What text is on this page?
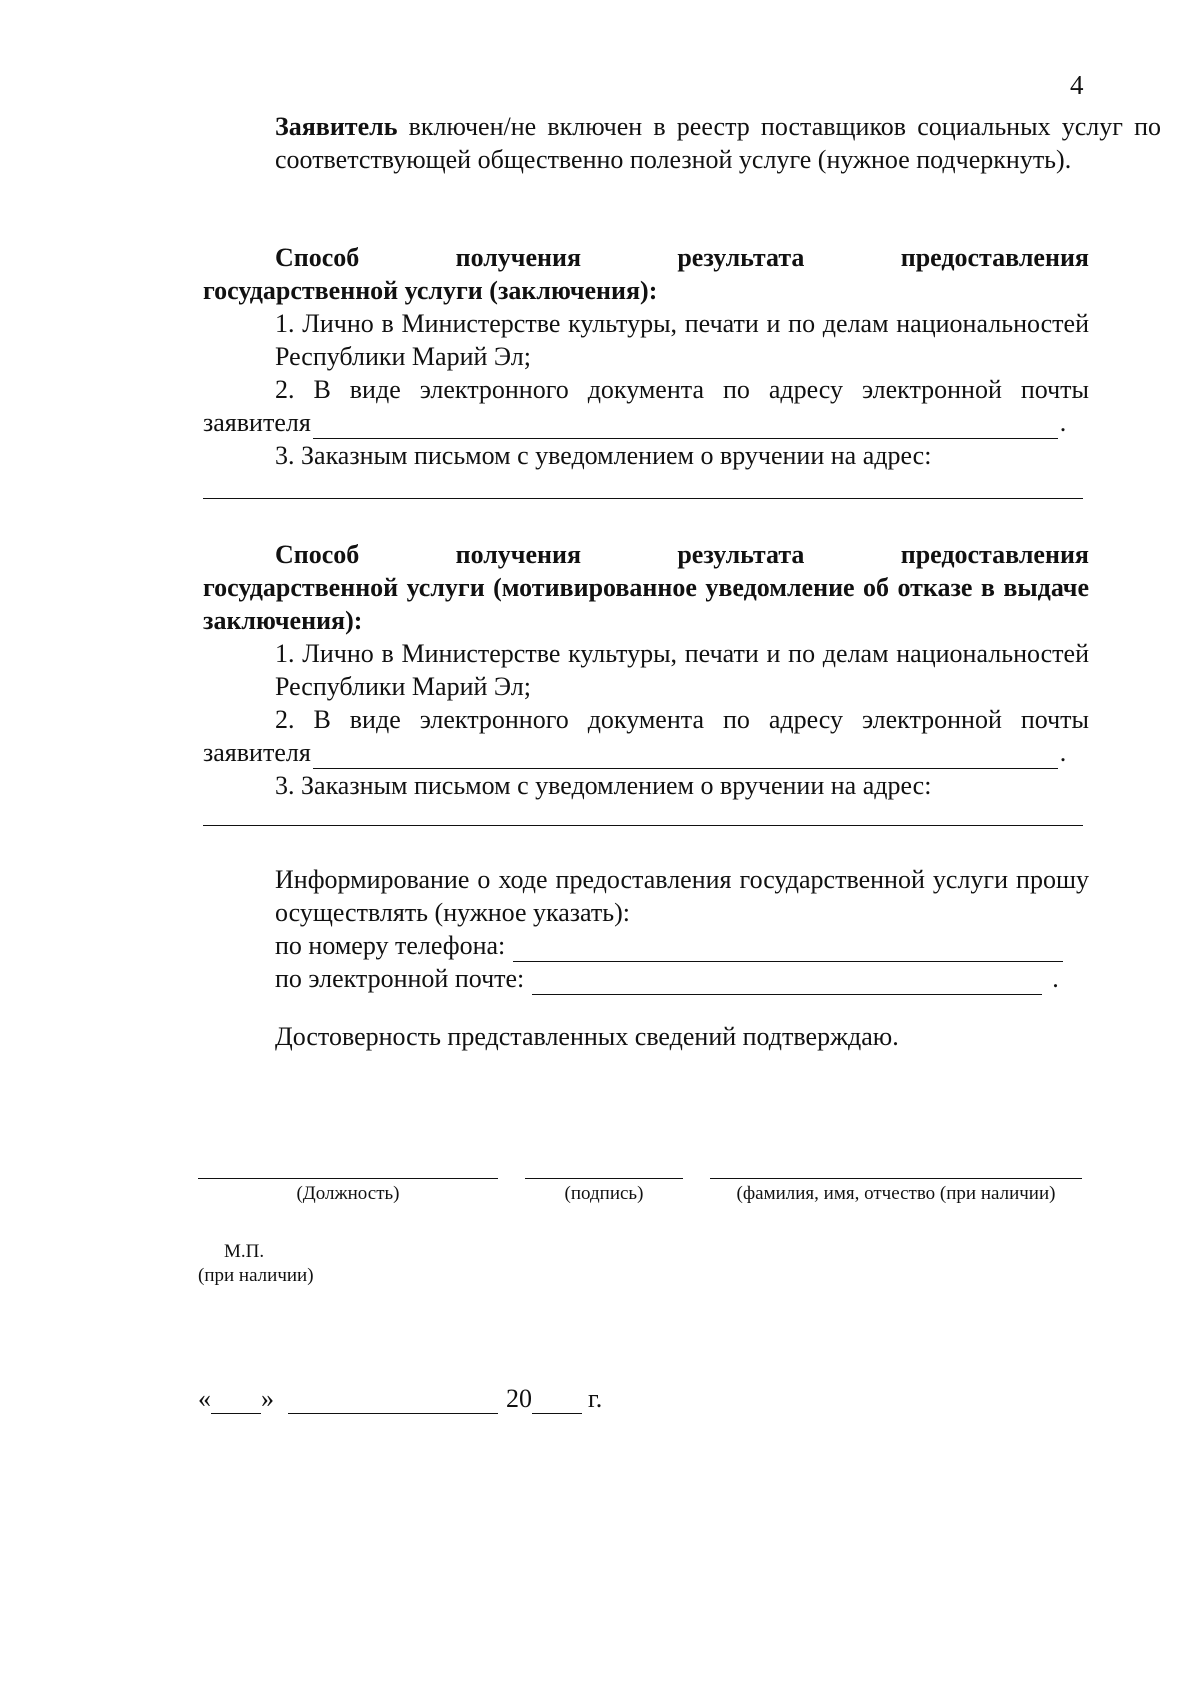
4
Заявитель включен/не включен в реестр поставщиков социальных услуг по соответствующей общественно полезной услуге (нужное подчеркнуть).
Способ получения результата предоставления
государственной услуги (заключения):
1. Лично в Министерстве культуры, печати и по делам национальностей Республики Марий Эл;
2. В виде электронного документа по адресу электронной почты
заявителя	.
3. Заказным письмом с уведомлением о вручении на адрес:
Способ получения результата предоставления
государственной услуги (мотивированное уведомление об отказе в выдаче заключения):
1. Лично в Министерстве культуры, печати и по делам национальностей Республики Марий Эл;
2. В виде электронного документа по адресу электронной почты
заявителя	.
3. Заказным письмом с уведомлением о вручении на адрес:
Информирование о ходе предоставления государственной услуги прошу осуществлять (нужное указать):
по номеру телефона:
по электронной почте:	.
Достоверность представленных сведений подтверждаю.
(Должность)	(подпись)	(фамилия, имя, отчество (при наличии)
М.П.
(при наличии)
« »	20 г.
